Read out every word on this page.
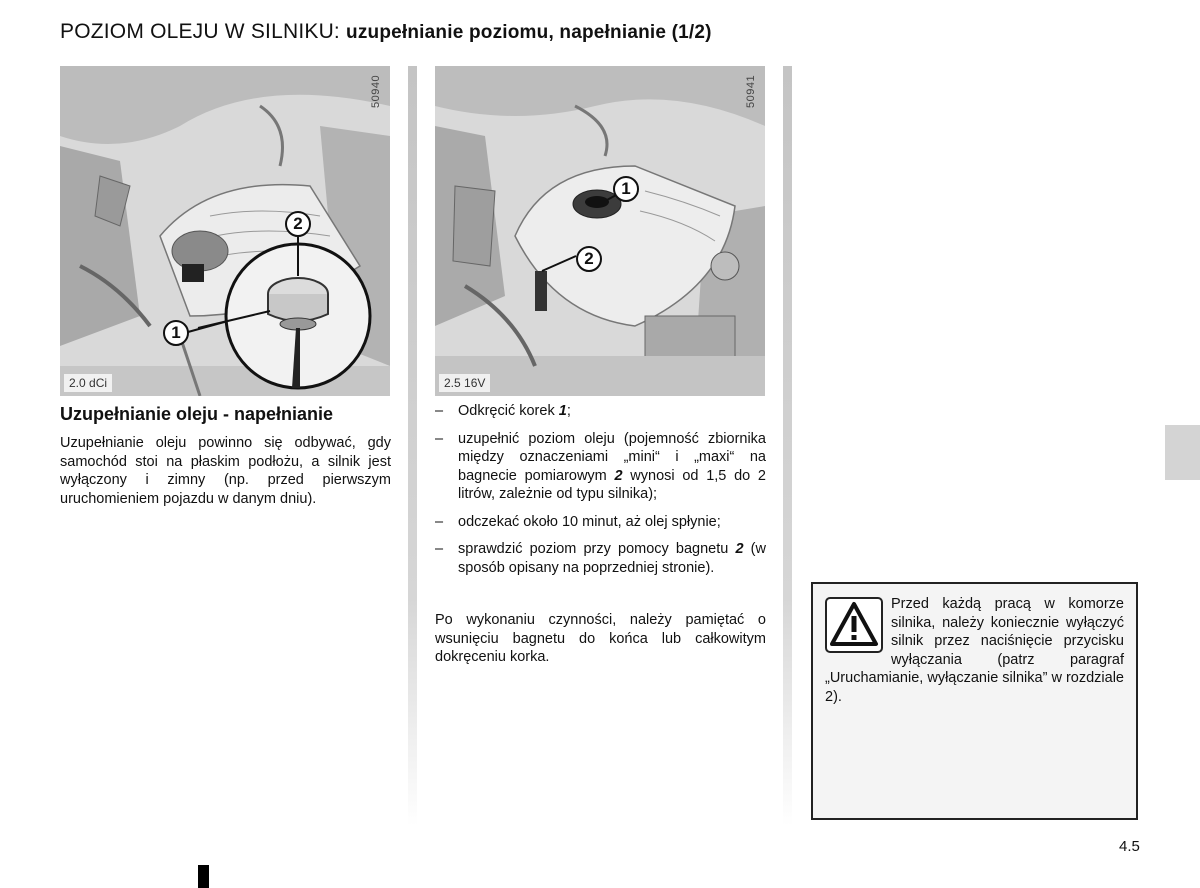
POZIOM OLEJU W SILNIKU: uzupełnianie poziomu, napełnianie (1/2)
50940
1
2
2.0 dCi
50941
1
2
2.5 16V
Uzupełnianie oleju - napełnianie
Uzupełnianie oleju powinno się odbywać, gdy samochód stoi na płaskim podłożu, a silnik jest wyłączony i zimny (np. przed pierwszym uruchomieniem pojazdu w danym dniu).
– Odkręcić korek 1;
– uzupełnić poziom oleju (pojemność zbiornika między oznaczeniami „mini“ i „maxi“ na bagnecie pomiarowym 2 wynosi od 1,5 do 2 litrów, zależnie od typu silnika);
– odczekać około 10 minut, aż olej spłynie;
– sprawdzić poziom przy pomocy bagnetu 2 (w sposób opisany na poprzedniej stronie).
Po wykonaniu czynności, należy pamiętać o wsunięciu bagnetu do końca lub całkowitym dokręceniu korka.
Przed każdą pracą w komorze silnika, należy koniecznie wyłączyć silnik przez naciśnięcie przycisku wyłączania (patrz paragraf „Uruchamianie, wyłączanie silnika” w rozdziale 2).
4.5
